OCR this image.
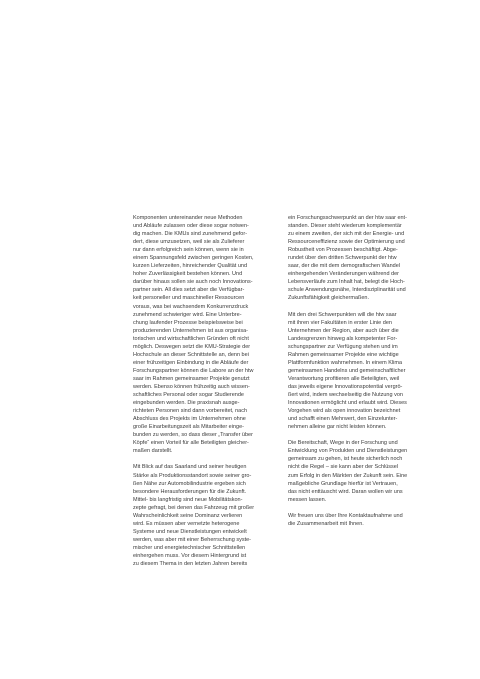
Komponenten untereinander neue Methoden
und Abläufe zulassen oder diese sogar notwen-
dig machen. Die KMUs sind zunehmend gefor-
dert, diese umzusetzen, weil sie als Zulieferer
nur dann erfolgreich sein können, wenn sie in
einem Spannungsfeld zwischen geringen Kosten,
kurzen Lieferzeiten, hinreichender Qualität und
hoher Zuverlässigkeit bestehen können. Und
darüber hinaus sollen sie auch noch Innovations-
partner sein. All dies setzt aber die Verfügbar-
keit personeller und maschineller Ressourcen
voraus, was bei wachsendem Konkurrenzdruck
zunehmend schwieriger wird. Eine Unterbre-
chung laufender Prozesse beispielsweise bei
produzierenden Unternehmen ist aus organisa-
torischen und wirtschaftlichen Gründen oft nicht
möglich. Deswegen setzt die KMU-Strategie der
Hochschule an dieser Schnittstelle an, denn bei
einer frühzeitigen Einbindung in die Abläufe der
Forschungspartner können die Labore an der htw
saar im Rahmen gemeinsamer Projekte genutzt
werden. Ebenso können frühzeitig auch wissen-
schaftliches Personal oder sogar Studierende
eingebunden werden. Die praxisnah ausge-
richteten Personen sind dann vorbereitet, nach
Abschluss des Projekts im Unternehmen ohne
große Einarbeitungszeit als Mitarbeiter einge-
bunden zu werden, so dass dieser „Transfer über
Köpfe“ einen Vorteil für alle Beteiligten gleicher-
maßen darstellt.
Mit Blick auf das Saarland und seiner heutigen
Stärke als Produktionsstandort sowie seiner gro-
ßen Nähe zur Automobilindustrie ergeben sich
besondere Herausforderungen für die Zukunft.
Mittel- bis langfristig sind neue Mobilitätskon-
zepte gefragt, bei denen das Fahrzeug mit großer
Wahrscheinlichkeit seine Dominanz verlieren
wird. Es müssen aber vernetzte heterogene
Systeme und neue Dienstleistungen entwickelt
werden, was aber mit einer Beherrschung syste-
mischer und energietechnischer Schnittstellen
einhergehen muss. Vor diesem Hintergrund ist
zu diesem Thema in den letzten Jahren bereits
ein Forschungsschwerpunkt an der htw saar ent-
standen. Dieser steht wiederum komplementär
zu einem zweiten, der sich mit der Energie- und
Ressourceneffizienz sowie der Optimierung und
Robustheit von Prozessen beschäftigt. Abge-
rundet über den dritten Schwerpunkt der htw
saar, der die mit dem demografischen Wandel
einhergehenden Veränderungen während der
Lebensverläufe zum Inhalt hat, belegt die Hoch-
schule Anwendungsnähe, Interdisziplinarität und
Zukunftsfähigkeit gleichermaßen.
Mit den drei Schwerpunkten will die htw saar
mit ihren vier Fakultäten in erster Linie den
Unternehmen der Region, aber auch über die
Landesgrenzen hinweg als kompetenter For-
schungspartner zur Verfügung stehen und im
Rahmen gemeinsamer Projekte eine wichtige
Plattformfunktion wahrnehmen. In einem Klima
gemeinsamen Handelns und gemeinschaftlicher
Verantwortung profitieren alle Beteiligten, weil
das jeweils eigene Innovationspotential vergrö-
ßert wird, indem wechselseitig die Nutzung von
Innovationen ermöglicht und erlaubt wird. Dieses
Vorgehen wird als open innovation bezeichnet
und schafft einen Mehrwert, den Einzelunter-
nehmen alleine gar nicht leisten können.
Die Bereitschaft, Wege in der Forschung und
Entwicklung von Produkten und Dienstleistungen
gemeinsam zu gehen, ist heute sicherlich noch
nicht die Regel – sie kann aber der Schlüssel
zum Erfolg in den Märkten der Zukunft sein. Eine
maßgebliche Grundlage hierfür ist Vertrauen,
das nicht enttäuscht wird. Daran wollen wir uns
messen lassen.
Wir freuen uns über Ihre Kontaktaufnahme und
die Zusammenarbeit mit Ihnen.
